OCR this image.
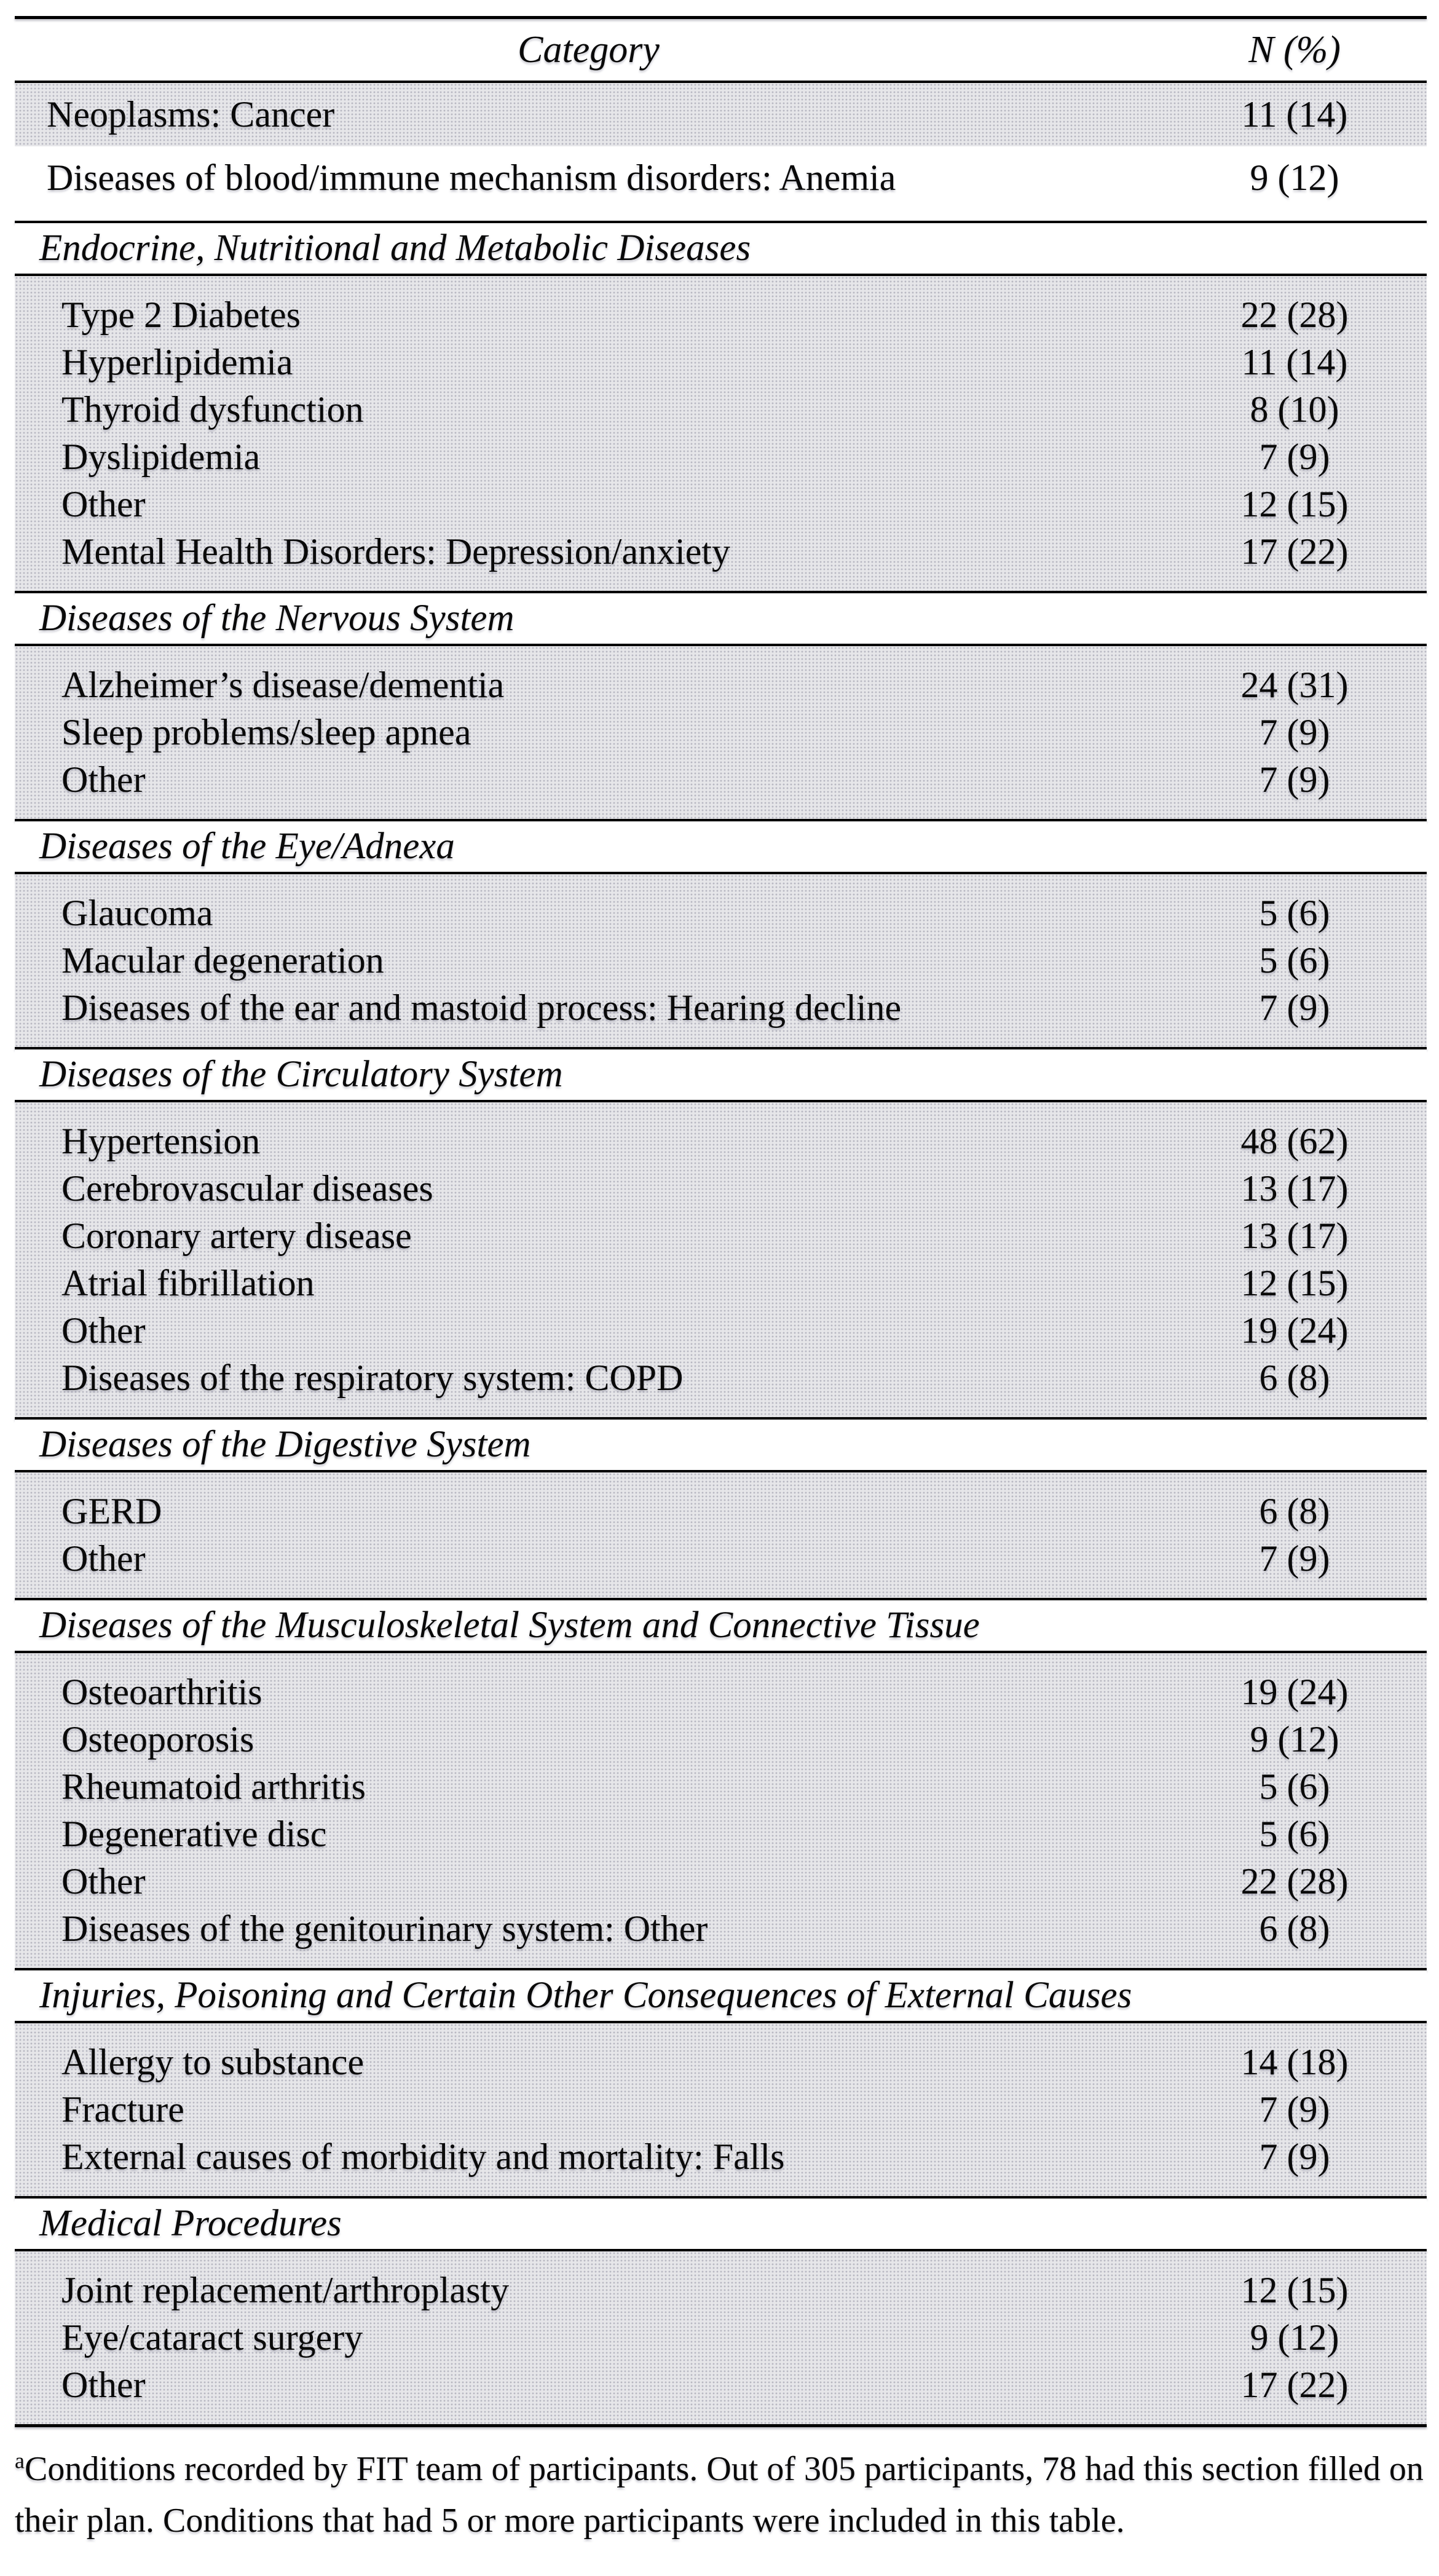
Category	N (%)
Neoplasms: Cancer	11 (14)
Diseases of blood/immune mechanism disorders: Anemia	9 (12)
Endocrine, Nutritional and Metabolic Diseases
Type 2 Diabetes	22 (28)
Hyperlipidemia	11 (14)
Thyroid dysfunction	8 (10)
Dyslipidemia	7 (9)
Other	12 (15)
Mental Health Disorders: Depression/anxiety	17 (22)
Diseases of the Nervous System
Alzheimer’s disease/dementia	24 (31)
Sleep problems/sleep apnea	7 (9)
Other	7 (9)
Diseases of the Eye/Adnexa
Glaucoma	5 (6)
Macular degeneration	5 (6)
Diseases of the ear and mastoid process: Hearing decline	7 (9)
Diseases of the Circulatory System
Hypertension	48 (62)
Cerebrovascular diseases	13 (17)
Coronary artery disease	13 (17)
Atrial fibrillation	12 (15)
Other	19 (24)
Diseases of the respiratory system: COPD	6 (8)
Diseases of the Digestive System
GERD	6 (8)
Other	7 (9)
Diseases of the Musculoskeletal System and Connective Tissue
Osteoarthritis	19 (24)
Osteoporosis	9 (12)
Rheumatoid arthritis	5 (6)
Degenerative disc	5 (6)
Other	22 (28)
Diseases of the genitourinary system: Other	6 (8)
Injuries, Poisoning and Certain Other Consequences of External Causes
Allergy to substance	14 (18)
Fracture	7 (9)
External causes of morbidity and mortality: Falls	7 (9)
Medical Procedures
Joint replacement/arthroplasty	12 (15)
Eye/cataract surgery	9 (12)
Other	17 (22)
$^a$Conditions recorded by FIT team of participants. Out of 305 participants, 78 had this section filled on their plan. Conditions that had 5 or more participants were included in this table.
